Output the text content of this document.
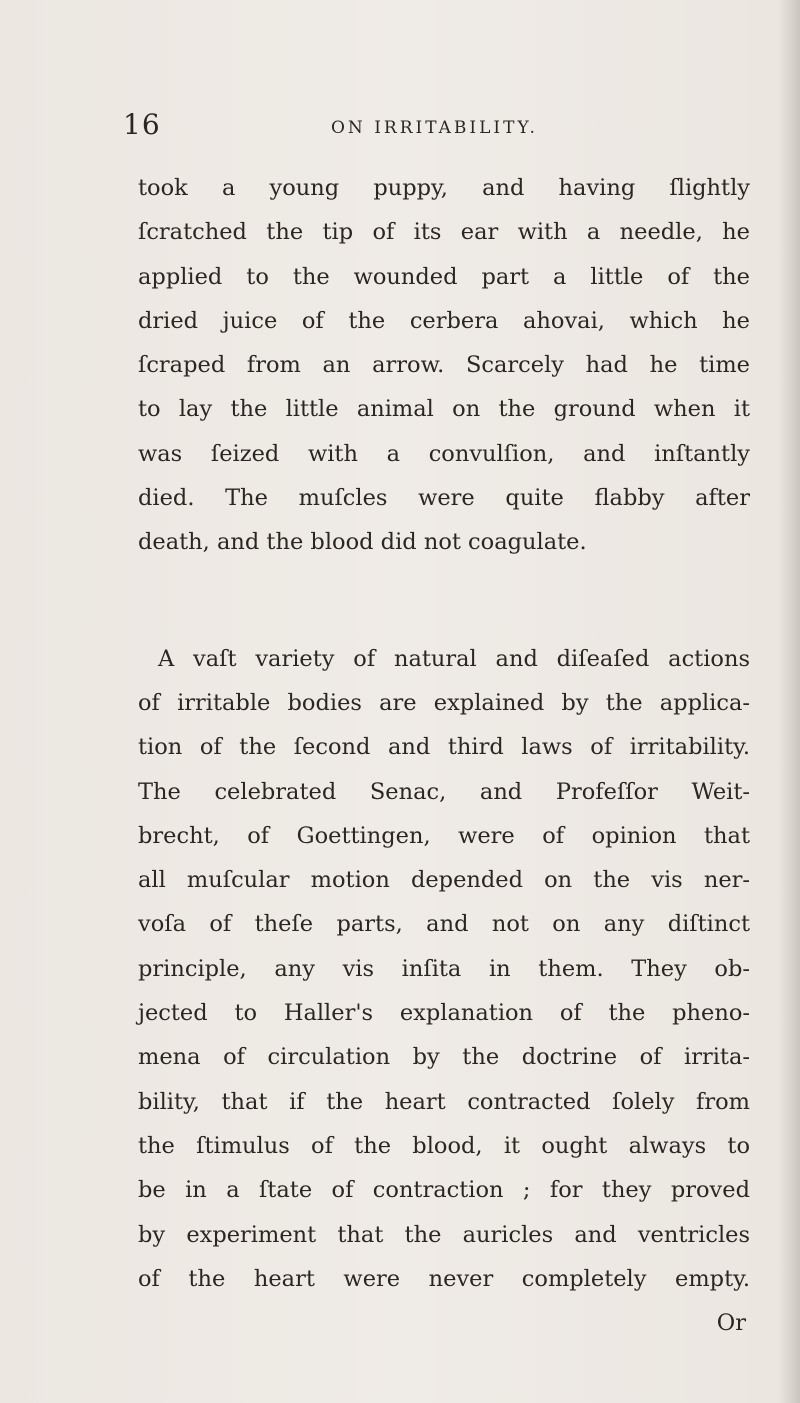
16	ON IRRITABILITY.
took a young puppy, and having ſlightly
ſcratched the tip of its ear with a needle, he
applied to the wounded part a little of the
dried juice of the cerbera ahovai, which he
ſcraped from an arrow. Scarcely had he time
to lay the little animal on the ground when it
was ſeized with a convulſion, and inſtantly
died. The muſcles were quite flabby after
death, and the blood did not coagulate.
A vaſt variety of natural and diſeaſed actions
of irritable bodies are explained by the applica-
tion of the ſecond and third laws of irritability.
The celebrated Senac, and Profeſſor Weit-
brecht, of Goettingen, were of opinion that
all muſcular motion depended on the vis ner-
voſa of theſe parts, and not on any diſtinct
principle, any vis inſita in them. They ob-
jected to Haller's explanation of the pheno-
mena of circulation by the doctrine of irrita-
bility, that if the heart contracted ſolely from
the ſtimulus of the blood, it ought always to
be in a ſtate of contraction ; for they proved
by experiment that the auricles and ventricles
of the heart were never completely empty.
Or
